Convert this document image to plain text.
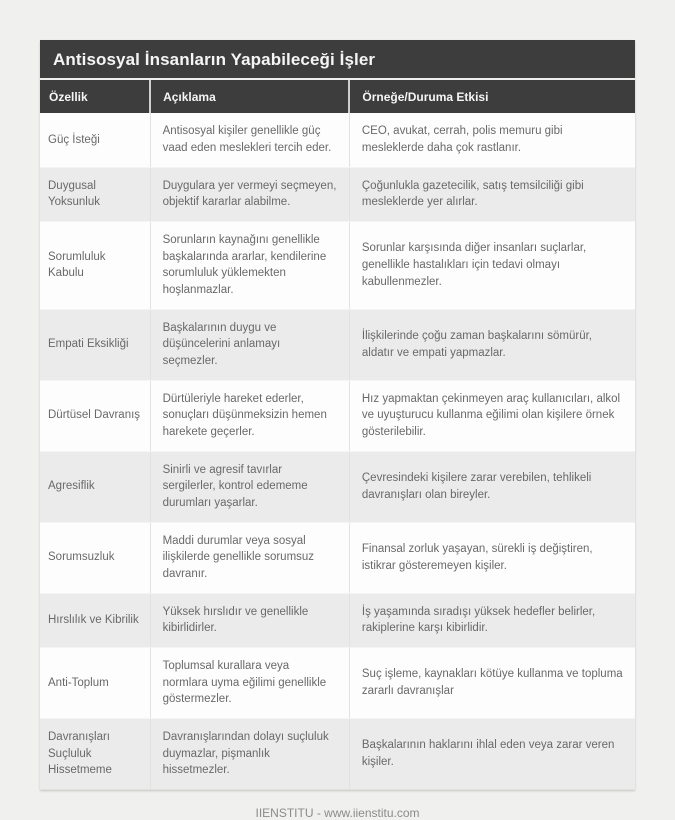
Antisosyal İnsanların Yapabileceği İşler
Özellik	Açıklama	Örneğe/Duruma Etkisi
Güç İsteği	Antisosyal kişiler genellikle güç vaad eden meslekleri tercih eder.	CEO, avukat, cerrah, polis memuru gibi mesleklerde daha çok rastlanır.
Duygusal Yoksunluk	Duygulara yer vermeyi seçmeyen, objektif kararlar alabilme.	Çoğunlukla gazetecilik, satış temsilciliği gibi mesleklerde yer alırlar.
Sorumluluk Kabulu	Sorunların kaynağını genellikle başkalarında ararlar, kendilerine sorumluluk yüklemekten hoşlanmazlar.	Sorunlar karşısında diğer insanları suçlarlar, genellikle hastalıkları için tedavi olmayı kabullenmezler.
Empati Eksikliği	Başkalarının duygu ve düşüncelerini anlamayı seçmezler.	İlişkilerinde çoğu zaman başkalarını sömürür, aldatır ve empati yapmazlar.
Dürtüsel Davranış	Dürtüleriyle hareket ederler, sonuçları düşünmeksizin hemen harekete geçerler.	Hız yapmaktan çekinmeyen araç kullanıcıları, alkol ve uyuşturucu kullanma eğilimi olan kişilere örnek gösterilebilir.
Agresiflik	Sinirli ve agresif tavırlar sergilerler, kontrol edememe durumları yaşarlar.	Çevresindeki kişilere zarar verebilen, tehlikeli davranışları olan bireyler.
Sorumsuzluk	Maddi durumlar veya sosyal ilişkilerde genellikle sorumsuz davranır.	Finansal zorluk yaşayan, sürekli iş değiştiren, istikrar gösteremeyen kişiler.
Hırslılık ve Kibrilik	Yüksek hırslıdır ve genellikle kibirlidirler.	İş yaşamında sıradışı yüksek hedefler belirler, rakiplerine karşı kibirlidir.
Anti-Toplum	Toplumsal kurallara veya normlara uyma eğilimi genellikle göstermezler.	Suç işleme, kaynakları kötüye kullanma ve topluma zararlı davranışlar
Davranışları Suçluluk Hissetmeme	Davranışlarından dolayı suçluluk duymazlar, pişmanlık hissetmezler.	Başkalarının haklarını ihlal eden veya zarar veren kişiler.
IIENSTITU - www.iienstitu.com
